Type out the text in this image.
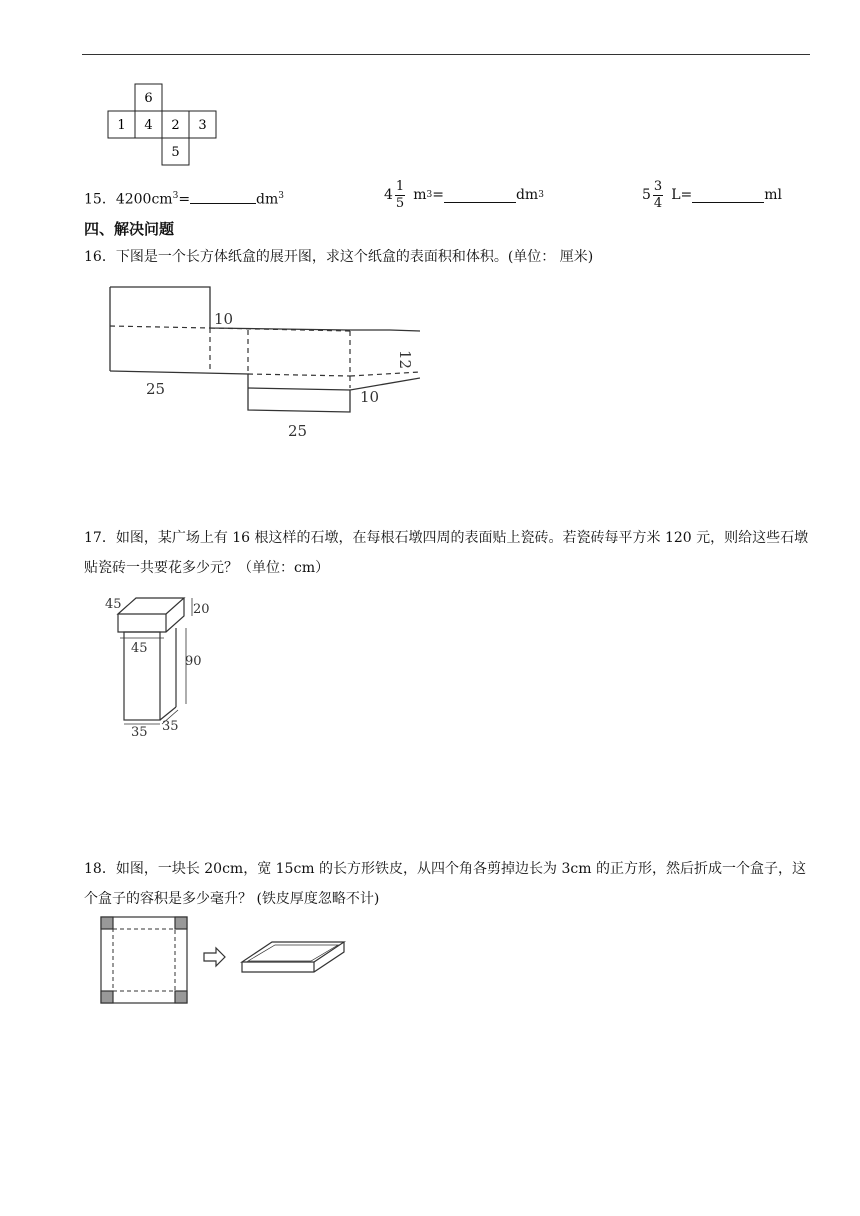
6
1 4 2 3
5
15．$4200cm^3=$	$dm^3$	$4 \frac{1}{5}$ m 3 =	dm 3	$5 \frac{3}{4} L=$	ml
四、解决问题
16．下图是一个长方体纸盒的展开图，求这个纸盒的表面积和体积。(单位： 厘米)
10
12
25	10
25
17．如图，某广场上有 16 根这样的石墩，在每根石墩四周的表面贴上瓷砖。若瓷砖每平方米 120 元，则给这些石墩贴瓷砖一共要花多少元？（单位：cm）
45	20
45
90
35 35
18．如图，一块长 20cm，宽 15cm 的长方形铁皮，从四个角各剪掉边长为 3cm 的正方形，然后折成一个盒子，这个盒子的容积是多少毫升？ (铁皮厚度忽略不计)
